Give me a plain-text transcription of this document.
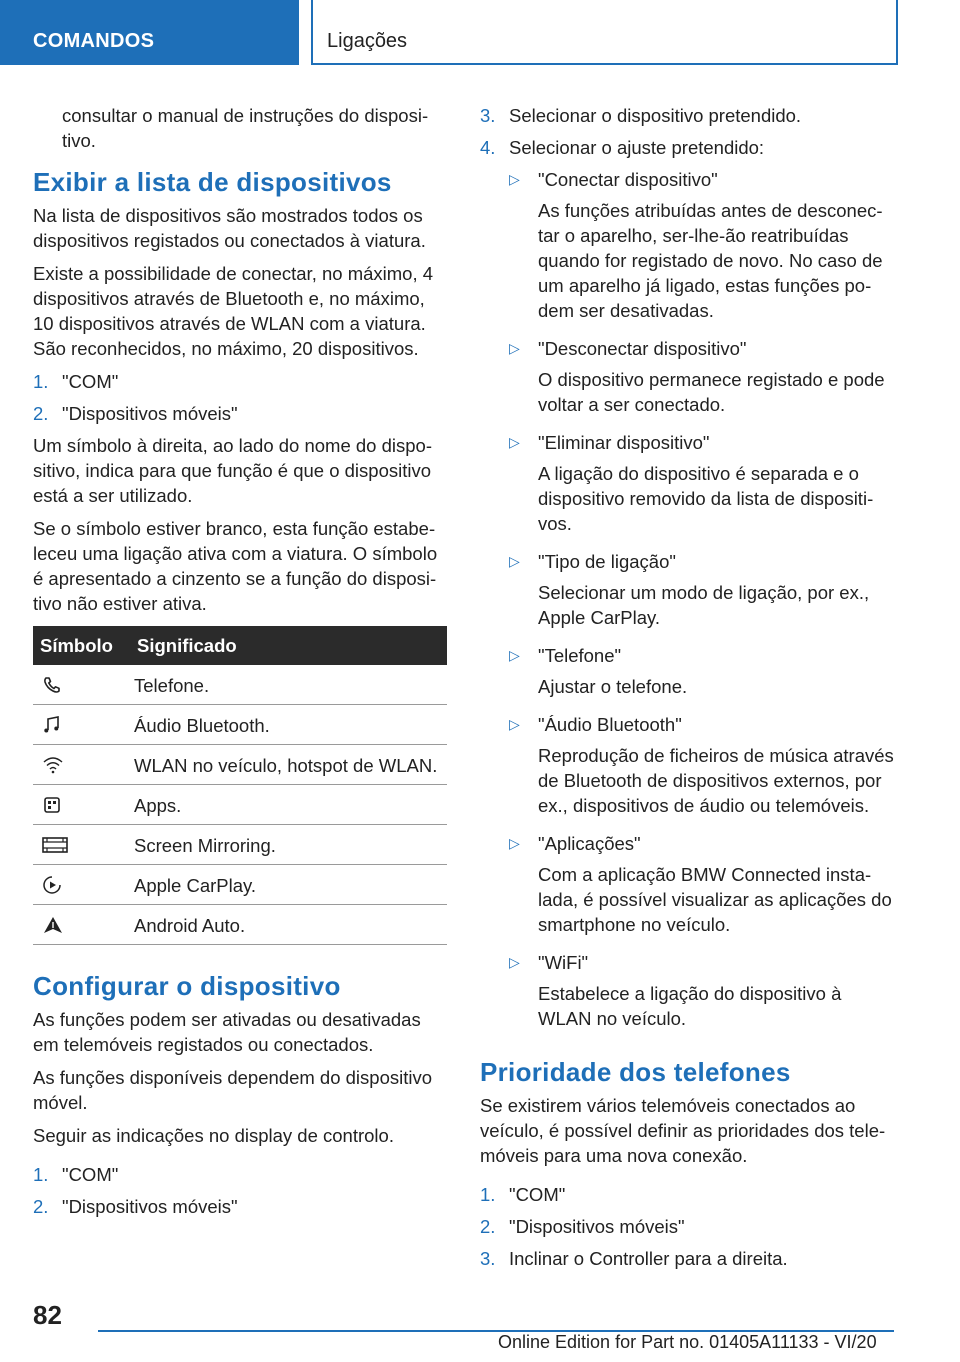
COMANDOS	Ligações

consultar o manual de instruções do dispositivo.

Exibir a lista de dispositivos

Na lista de dispositivos são mostrados todos os dispositivos registados ou conectados à viatura.

Existe a possibilidade de conectar, no máximo, 4 dispositivos através de Bluetooth e, no máximo, 10 dispositivos através de WLAN com a viatura. São reconhecidos, no máximo, 20 dispositivos.

1. "COM"
2. "Dispositivos móveis"

Um símbolo à direita, ao lado do nome do dispositivo, indica para que função é que o dispositivo está a ser utilizado.

Se o símbolo estiver branco, esta função estabeleceu uma ligação ativa com a viatura. O símbolo é apresentado a cinzento se a função do dispositivo não estiver ativa.

Símbolo	Significado

	Telefone.

	Áudio Bluetooth.

	WLAN no veículo, hotspot de WLAN.

	Apps.

	Screen Mirroring.

	Apple CarPlay.

	Android Auto.
Configurar o dispositivo

As funções podem ser ativadas ou desativadas em telemóveis registados ou conectados.

As funções disponíveis dependem do dispositivo móvel.

Seguir as indicações no display de controlo.

1. "COM"
2. "Dispositivos móveis"
3. Selecionar o dispositivo pretendido.
4. Selecionar o ajuste pretendido:
▷ "Conectar dispositivo"

As funções atribuídas antes de desconectar o aparelho, ser-lhe-ão reatribuídas quando for registado de novo. No caso de um aparelho já ligado, estas funções podem ser desativadas.

▷ "Desconectar dispositivo"

O dispositivo permanece registado e pode voltar a ser conectado.

▷ "Eliminar dispositivo"

A ligação do dispositivo é separada e o dispositivo removido da lista de dispositivos.

▷ "Tipo de ligação"

Selecionar um modo de ligação, por ex., Apple CarPlay.

▷ "Telefone"

Ajustar o telefone.

▷ "Áudio Bluetooth"

Reprodução de ficheiros de música através de Bluetooth de dispositivos externos, por ex., dispositivos de áudio ou telemóveis.

▷ "Aplicações"

Com a aplicação BMW Connected instalada, é possível visualizar as aplicações do smartphone no veículo.

▷ "WiFi"

Estabelece a ligação do dispositivo à WLAN no veículo.

Prioridade dos telefones

Se existirem vários telemóveis conectados ao veículo, é possível definir as prioridades dos telemóveis para uma nova conexão.

1. "COM"
2. "Dispositivos móveis"
3. Inclinar o Controller para a direita.
82
Online Edition for Part no. 01405A11133 - VI/20
